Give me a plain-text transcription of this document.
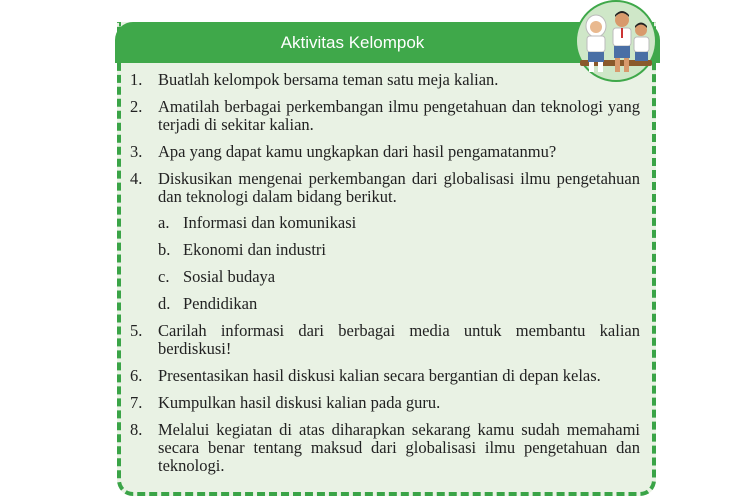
Aktivitas Kelompok
1. Buatlah kelompok bersama teman satu meja kalian.
2. Amatilah berbagai perkembangan ilmu pengetahuan dan teknologi yang terjadi di sekitar kalian.
3. Apa yang dapat kamu ungkapkan dari hasil pengamatanmu?
4. Diskusikan mengenai perkembangan dari globalisasi ilmu pengetahuan dan teknologi dalam bidang berikut.
a. Informasi dan komunikasi
b. Ekonomi dan industri
c. Sosial budaya
d. Pendidikan
5. Carilah informasi dari berbagai media untuk membantu kalian berdiskusi!
6. Presentasikan hasil diskusi kalian secara bergantian di depan kelas.
7. Kumpulkan hasil diskusi kalian pada guru.
8. Melalui kegiatan di atas diharapkan sekarang kamu sudah memahami secara benar tentang maksud dari globalisasi ilmu pengetahuan dan teknologi.
